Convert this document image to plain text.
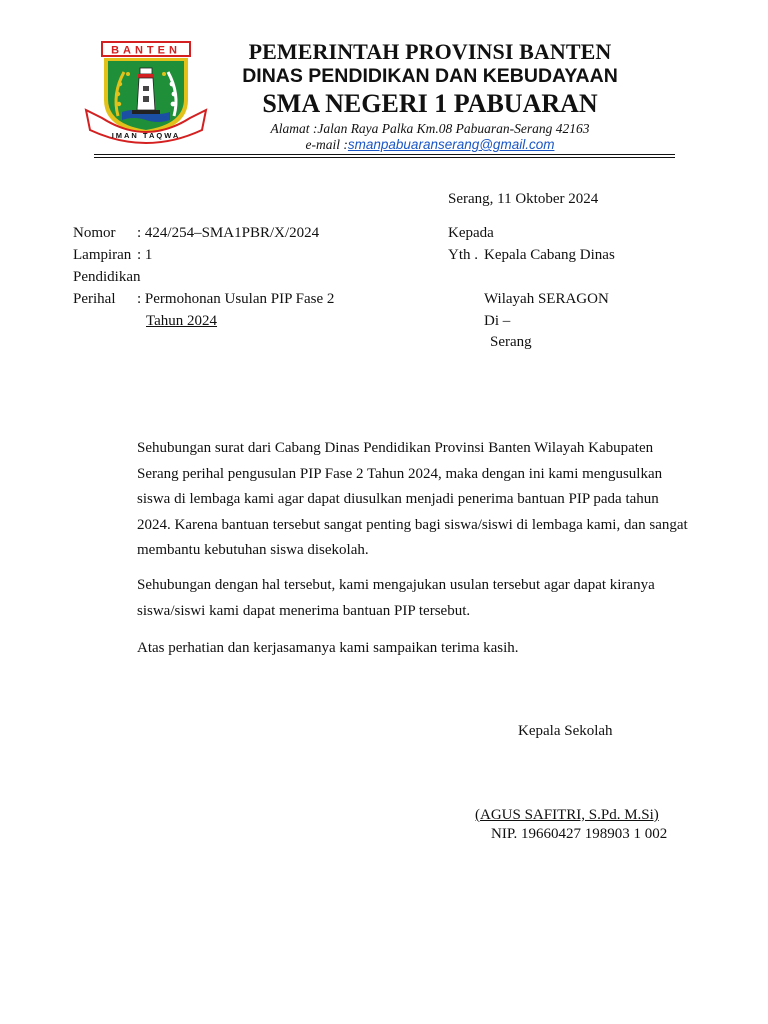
BANTEN
IMAN TAQWA
PEMERINTAH PROVINSI BANTEN
DINAS PENDIDIKAN DAN KEBUDAYAAN
SMA NEGERI 1 PABUARAN
Alamat :Jalan Raya Palka Km.08 Pabuaran-Serang 42163
e-mail :smanpabuaranserang@gmail.com
Serang, 11 Oktober 2024
Nomor : 424/254–SMA1PBR/X/2024
Lampiran : 1
Pendidikan
Perihal : Permohonan Usulan PIP Fase 2
Tahun 2024
Kepada
Yth . Kepala Cabang Dinas
Wilayah SERAGON
Di –
Serang
Sehubungan surat dari Cabang Dinas Pendidikan Provinsi Banten Wilayah Kabupaten Serang perihal pengusulan PIP Fase 2 Tahun 2024, maka dengan ini kami mengusulkan siswa di lembaga kami agar dapat diusulkan menjadi penerima bantuan PIP pada tahun 2024. Karena bantuan tersebut sangat penting bagi siswa/siswi di lembaga kami, dan sangat membantu kebutuhan siswa disekolah.
Sehubungan dengan hal tersebut, kami mengajukan usulan tersebut agar dapat kiranya siswa/siswi kami dapat menerima bantuan PIP tersebut.
Atas perhatian dan kerjasamanya kami sampaikan terima kasih.
Kepala Sekolah
(AGUS SAFITRI, S.Pd. M.Si)
NIP. 19660427 198903 1 002
